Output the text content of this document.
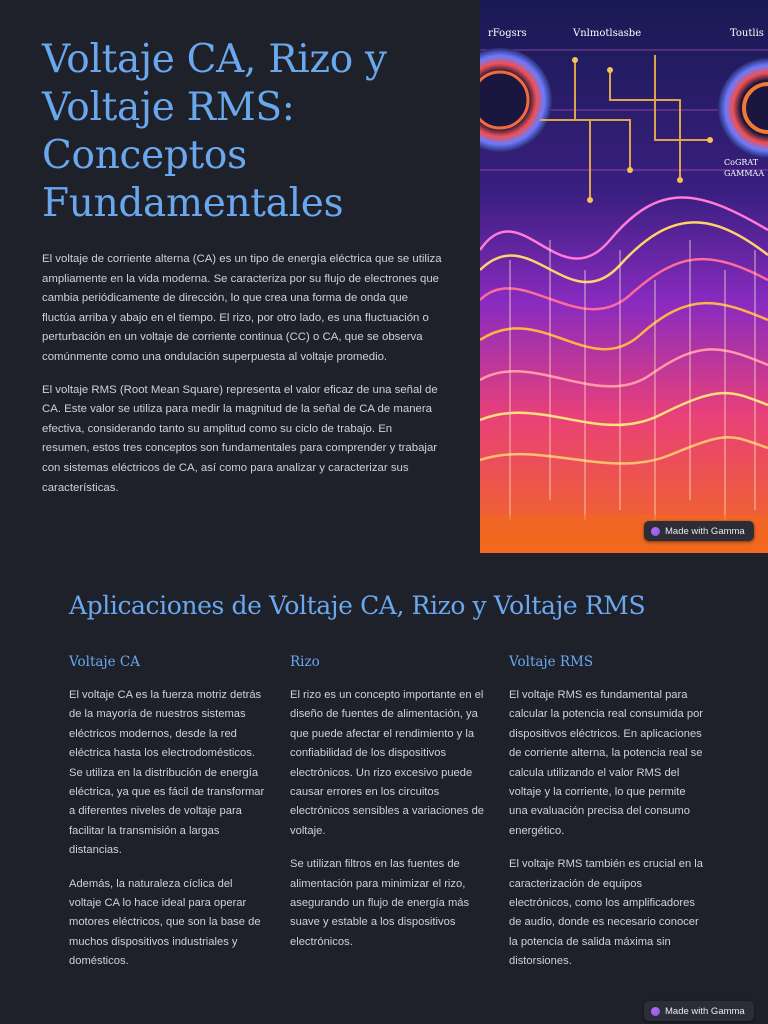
Voltaje CA, Rizo y Voltaje RMS: Conceptos Fundamentales

El voltaje de corriente alterna (CA) es un tipo de energía eléctrica que se utiliza ampliamente en la vida moderna. Se caracteriza por su flujo de electrones que cambia periódicamente de dirección, lo que crea una forma de onda que fluctúa arriba y abajo en el tiempo. El rizo, por otro lado, es una fluctuación o perturbación en un voltaje de corriente continua (CC) o CA, que se observa comúnmente como una ondulación superpuesta al voltaje promedio.

El voltaje RMS (Root Mean Square) representa el valor eficaz de una señal de CA. Este valor se utiliza para medir la magnitud de la señal de CA de manera efectiva, considerando tanto su amplitud como su ciclo de trabajo. En resumen, estos tres conceptos son fundamentales para comprender y trabajar con sistemas eléctricos de CA, así como para analizar y caracterizar sus características.

rFogsrs	Vnlmotlsasbe	Toutlis
CoGRAT
GAMMAA
Made with Gamma
Aplicaciones de Voltaje CA, Rizo y Voltaje RMS
Voltaje CA

El voltaje CA es la fuerza motriz detrás de la mayoría de nuestros sistemas eléctricos modernos, desde la red eléctrica hasta los electrodomésticos. Se utiliza en la distribución de energía eléctrica, ya que es fácil de transformar a diferentes niveles de voltaje para facilitar la transmisión a largas distancias.

Además, la naturaleza cíclica del voltaje CA lo hace ideal para operar motores eléctricos, que son la base de muchos dispositivos industriales y domésticos.

Rizo

El rizo es un concepto importante en el diseño de fuentes de alimentación, ya que puede afectar el rendimiento y la confiabilidad de los dispositivos electrónicos. Un rizo excesivo puede causar errores en los circuitos electrónicos sensibles a variaciones de voltaje.

Se utilizan filtros en las fuentes de alimentación para minimizar el rizo, asegurando un flujo de energía más suave y estable a los dispositivos electrónicos.

Voltaje RMS

El voltaje RMS es fundamental para calcular la potencia real consumida por dispositivos eléctricos. En aplicaciones de corriente alterna, la potencia real se calcula utilizando el valor RMS del voltaje y la corriente, lo que permite una evaluación precisa del consumo energético.

El voltaje RMS también es crucial en la caracterización de equipos electrónicos, como los amplificadores de audio, donde es necesario conocer la potencia de salida máxima sin distorsiones.

Made with Gamma
